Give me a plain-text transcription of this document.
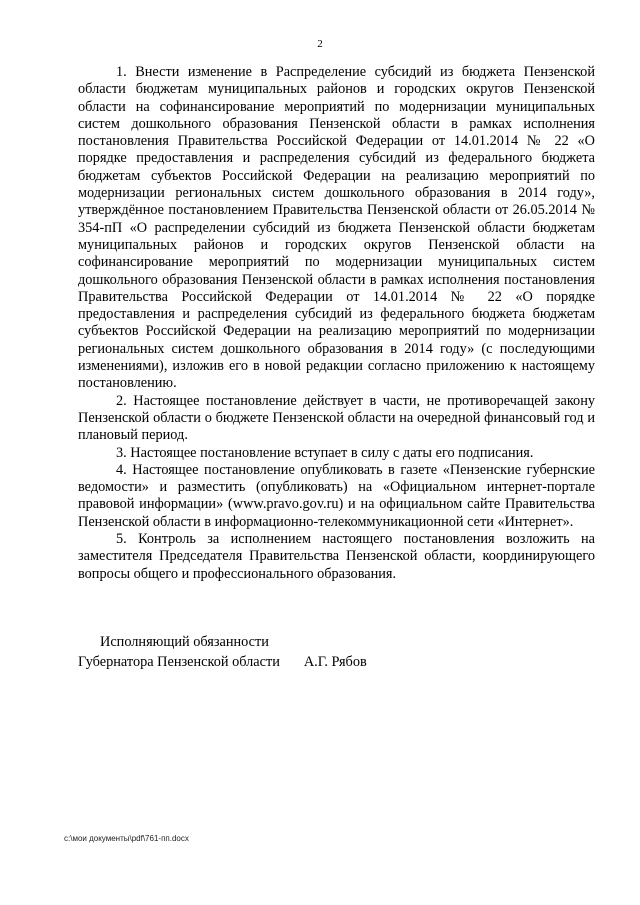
2

1. Внести изменение в Распределение субсидий из бюджета Пензенской области бюджетам муниципальных районов и городских округов Пензенской области на софинансирование мероприятий по модернизации муниципальных систем дошкольного образования Пензенской области в рамках исполнения постановления Правительства Российской Федерации от 14.01.2014 № 22 «О порядке предоставления и распределения субсидий из федерального бюджета бюджетам субъектов Российской Федерации на реализацию мероприятий по модернизации региональных систем дошкольного образования в 2014 году», утверждённое постановлением Правительства Пензенской области от 26.05.2014 № 354-пП «О распределении субсидий из бюджета Пензенской области бюджетам муниципальных районов и городских округов Пензенской области на софинансирование мероприятий по модернизации муниципальных систем дошкольного образования Пензенской области в рамках исполнения постановления Правительства Российской Федерации от 14.01.2014 № 22 «О порядке предоставления и распределения субсидий из федерального бюджета бюджетам субъектов Российской Федерации на реализацию мероприятий по модернизации региональных систем дошкольного образования в 2014 году» (с последующими изменениями), изложив его в новой редакции согласно приложению к настоящему постановлению.

2. Настоящее постановление действует в части, не противоречащей закону Пензенской области о бюджете Пензенской области на очередной финансовый год и плановый период.

3. Настоящее постановление вступает в силу с даты его подписания.

4. Настоящее постановление опубликовать в газете «Пензенские губернские ведомости» и разместить (опубликовать) на «Официальном интернет-портале правовой информации» (www.pravo.gov.ru) и на официальном сайте Правительства Пензенской области в информационно-телекоммуникационной сети «Интернет».

5. Контроль за исполнением настоящего постановления возложить на заместителя Председателя Правительства Пензенской области, координирующего вопросы общего и профессионального образования.

Исполняющий обязанности
Губернатора Пензенской области А.Г. Рябов
c:\мои документы\pdf\761-пп.docx
